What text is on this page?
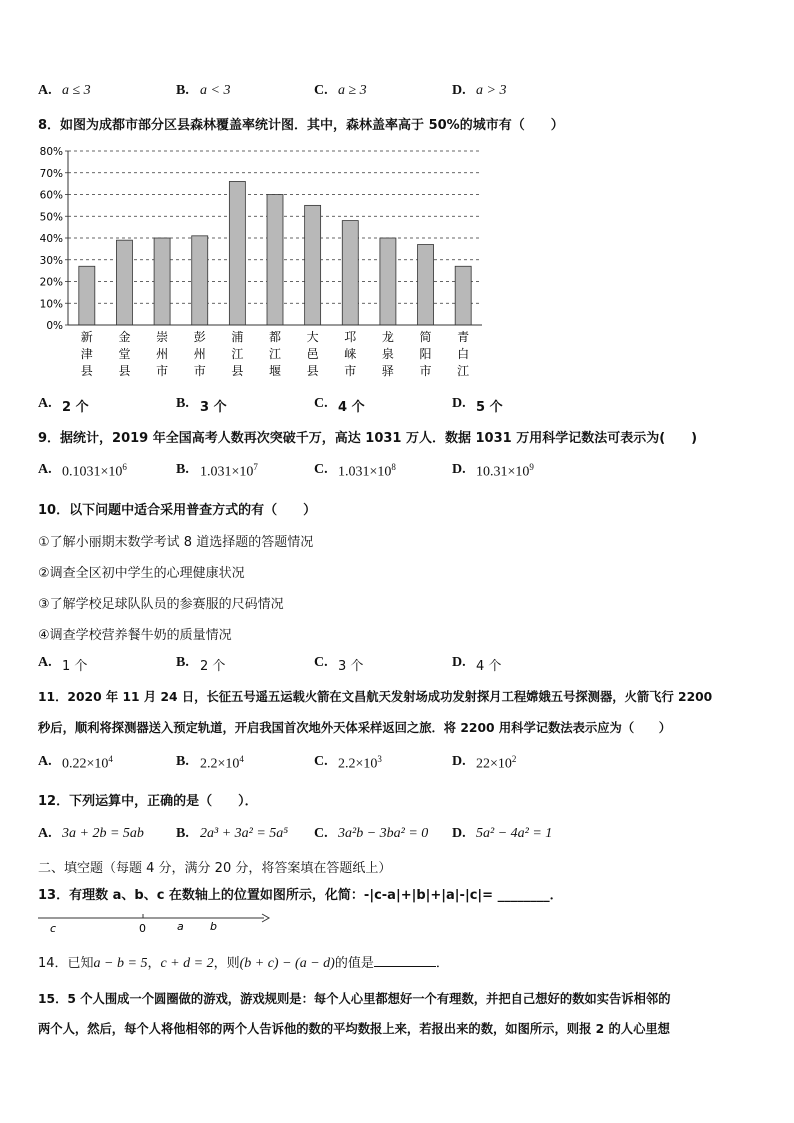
A. a ≤ 3	B. a < 3	C. a ≥ 3	D. a > 3
8．如图为成都市部分区县森林覆盖率统计图．其中，森林盖率高于 50%的城市有（　　）
0%
10%
20%
30%
40%
50%
60%
70%
80%
新津县
金堂县
崇州市
彭州市
浦江县
都江堰
大邑县
邛崃市
龙泉驿
简阳市
青白江
A. 2 个	B. 3 个	C. 4 个	D. 5 个
9．据统计，2019 年全国高考人数再次突破千万，高达 1031 万人．数据 1031 万用科学记数法可表示为(　　)
A. $0.1031\times 10^6$	B. $1.031\times 10^7$	C. $1.031\times 10^8$	D. $10.31\times 10^9$
10．以下问题中适合采用普查方式的有（　　）
①了解小丽期末数学考试 8 道选择题的答题情况
②调查全区初中学生的心理健康状况
③了解学校足球队队员的参赛服的尺码情况
④调查学校营养餐牛奶的质量情况
A. 1 个	B. 2 个	C. 3 个	D. 4 个
11．2020 年 11 月 24 日，长征五号遥五运载火箭在文昌航天发射场成功发射探月工程嫦娥五号探测器，火箭飞行 2200
秒后，顺利将探测器送入预定轨道，开启我国首次地外天体采样返回之旅．将 2200 用科学记数法表示应为（　　）
A. $0.22\times 10^4$	B. $2.2\times 10^4$	C. $2.2\times 10^3$	D. $22\times 10^2$
12．下列运算中，正确的是（　　）．
A. 3a + 2b = 5ab B. 2a³ + 3a² = 5a⁵ C. 3a²b − 3ba² = 0 D. 5a² − 4a² = 1
二、填空题（每题 4 分，满分 20 分，将答案填在答题纸上）
13．有理数 a、b、c 在数轴上的位置如图所示，化简：-|c-a|+|b|+|a|-|c|= ________．
c	0	a b
14．已知a − b = 5，c + d = 2，则(b + c) − (a − d)的值是	．
15．5 个人围成一个圆圈做的游戏，游戏规则是：每个人心里都想好一个有理数，并把自己想好的数如实告诉相邻的
两个人，然后，每个人将他相邻的两个人告诉他的数的平均数报上来，若报出来的数，如图所示，则报 2 的人心里想
